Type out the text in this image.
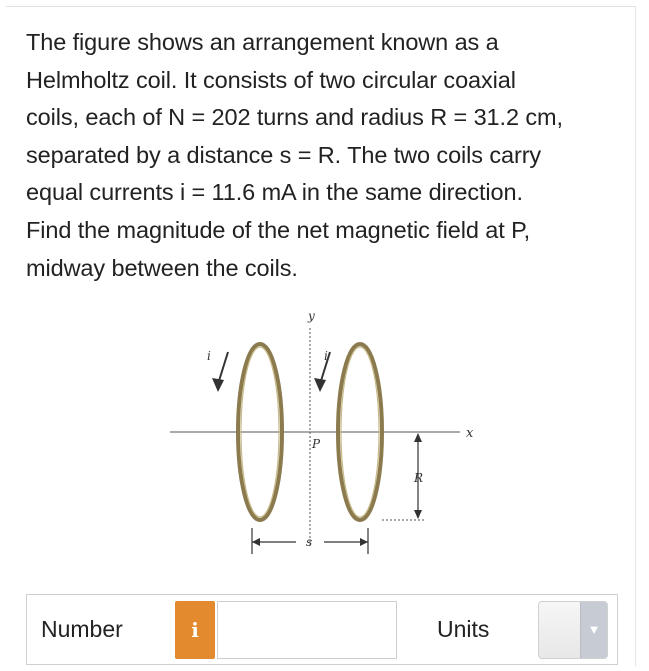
The figure shows an arrangement known as a
Helmholtz coil. It consists of two circular coaxial
coils, each of N = 202 turns and radius R = 31.2 cm,
separated by a distance s = R. The two coils carry
equal currents i = 11.6 mA in the same direction.
Find the magnitude of the net magnetic field at P,
midway between the coils.

y
x
i	i
P
R
s
Number	i	Units	▼
